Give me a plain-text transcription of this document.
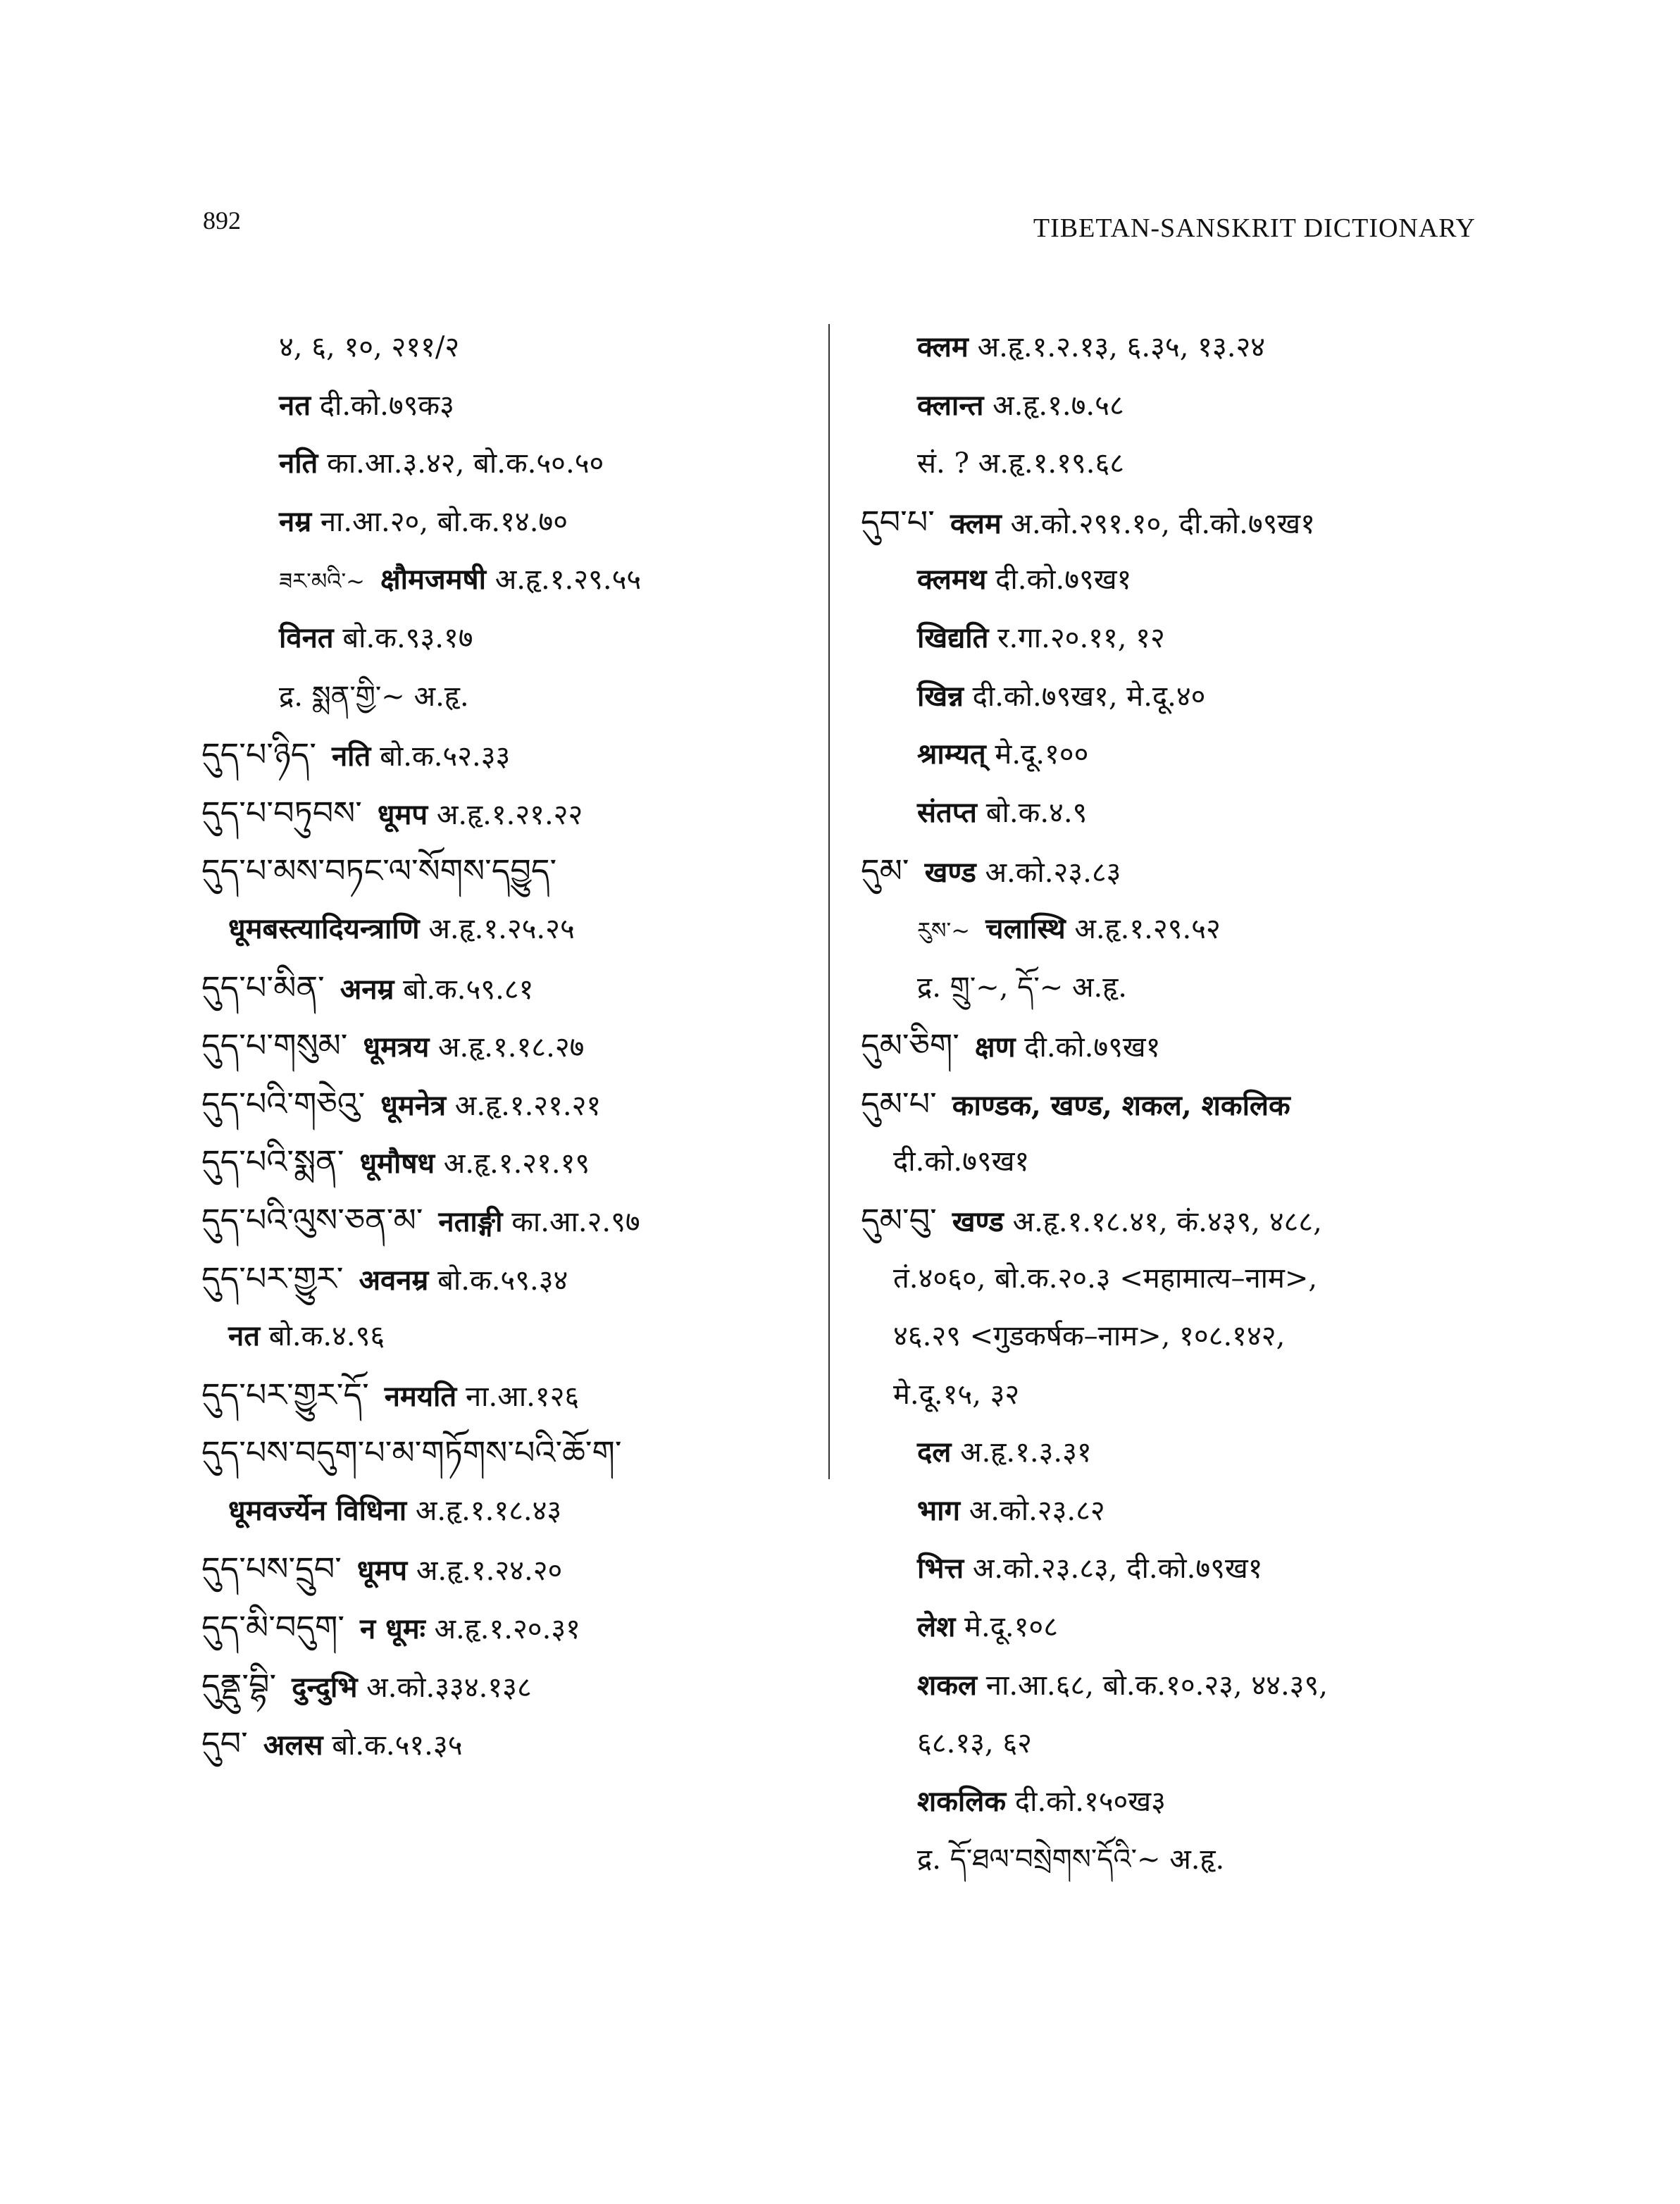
892	TIBETAN-SANSKRIT DICTIONARY
४, ६, १०, २११/२
नत दी.को.७९क३
नति का.आ.३.४२, बो.क.५०.५०
नम्र ना.आ.२०, बो.क.१४.७०
ཟར་མའི་~ क्षौमजमषी अ.हृ.१.२९.५५
विनत बो.क.९३.१७
द्र. སྨན་གྱི་~ अ.हृ.
དུད་པ་ཉིད་ नति बो.क.५२.३३
དུད་པ་བཏུབས་ धूमप अ.हृ.१.२१.२२
དུད་པ་མས་བཏང་ལ་སོགས་དབྱུད་
धूमबस्त्यादियन्त्राणि अ.हृ.१.२५.२५
དུད་པ་མིན་ अनम्र बो.क.५९.८१
དུད་པ་གསུམ་ धूमत्रय अ.हृ.१.१८.२७
དུད་པའི་གཅེའུ་ धूमनेत्र अ.हृ.१.२१.२१
དུད་པའི་སྨན་ धूमौषध अ.हृ.१.२१.१९
དུད་པའི་ལུས་ཅན་མ་ नताङ्गी का.आ.२.९७
དུད་པར་གྱུར་ अवनम्र बो.क.५९.३४
नत बो.क.४.९६
དུད་པར་གྱུར་དོ་ नमयति ना.आ.१२६
དུད་པས་བདུག་པ་མ་གཏོགས་པའི་ཆོ་ག་
धूमवर्ज्येन विधिना अ.हृ.१.१८.४३
དུད་པས་དྲུབ་ धूमप अ.हृ.१.२४.२०
དུད་མི་བདུག་ न धूमः अ.हृ.१.२०.३१
དུནྡུ་བྷི་ दुन्दुभि अ.को.३३४.१३८
དུབ་ अलस बो.क.५१.३५
क्लम अ.हृ.१.२.१३, ६.३५, १३.२४
क्लान्त अ.हृ.१.७.५८
सं. ? अ.हृ.१.१९.६८
དུབ་པ་ क्लम अ.को.२९१.१०, दी.को.७९ख१
क्लमथ दी.को.७९ख१
खिद्यति र.गा.२०.११, १२
खिन्न दी.को.७९ख१, मे.दू.४०
श्राम्यत् मे.दू.१००
संतप्त बो.क.४.९
དུམ་ खण्ड अ.को.२३.८३
རུས་~ चलास्थि अ.हृ.१.२९.५२
द्र. གྲུ་~, དོ་~ अ.हृ.
དུམ་ཅིག་ क्षण दी.को.७९ख१
དུམ་པ་ काण्डक, खण्ड, शकल, शकलिक
दी.को.७९ख१
དུམ་བུ་ खण्ड अ.हृ.१.१८.४१, कं.४३९, ४८८,
तं.४०६०, बो.क.२०.३ <महामात्य–नाम>,
४६.२९ <गुडकर्षक–नाम>, १०८.१४२,
मे.दू.१५, ३२
दल अ.हृ.१.३.३१
भाग अ.को.२३.८२
भित्त अ.को.२३.८३, दी.को.७९ख१
लेश मे.दू.१०८
शकल ना.आ.६८, बो.क.१०.२३, ४४.३९,
६८.१३, ६२
शकलिक दी.को.१५०ख३
द्र. དོ་ཐལ་བསྲེགས་དོའི་~ अ.हृ.
